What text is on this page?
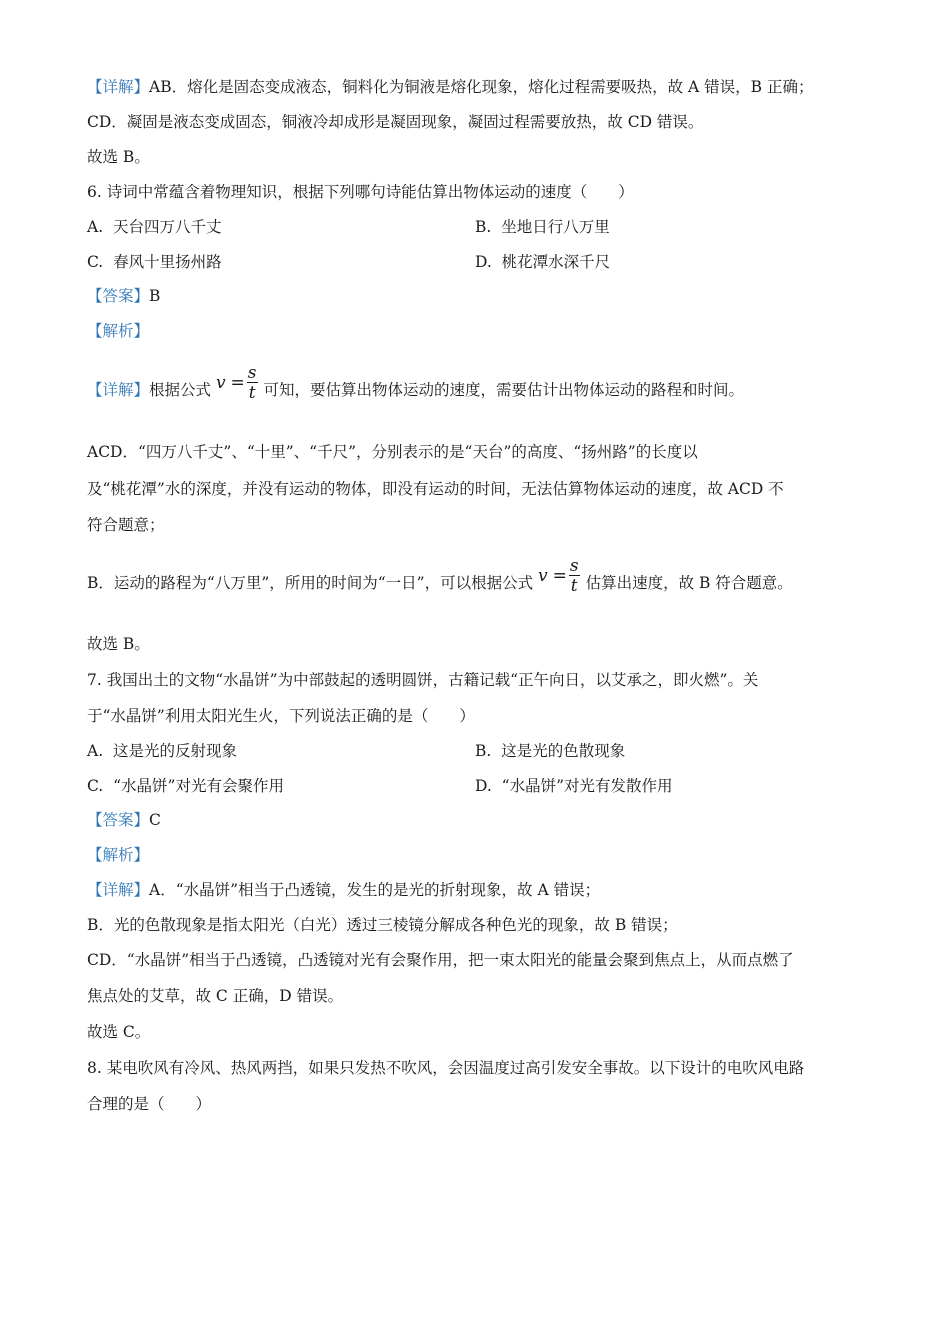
【详解】AB．熔化是固态变成液态，铜料化为铜液是熔化现象，熔化过程需要吸热，故 A 错误，B 正确；
CD．凝固是液态变成固态，铜液冷却成形是凝固现象，凝固过程需要放热，故 CD 错误。
故选 B。
6. 诗词中常蕴含着物理知识，根据下列哪句诗能估算出物体运动的速度（　　）
A. 天台四万八千丈	B. 坐地日行八万里
C. 春风十里扬州路	D. 桃花潭水深千尺
【答案】B
【解析】
【详解】根据公式 $v = \frac{s}{t}$ 可知，要估算出物体运动的速度，需要估计出物体运动的路程和时间。
ACD．“四万八千丈”、“十里”、“千尺”，分别表示的是“天台”的高度、“扬州路”的长度以
及“桃花潭”水的深度，并没有运动的物体，即没有运动的时间，无法估算物体运动的速度，故 ACD 不
符合题意；
B．运动的路程为“八万里”，所用的时间为“一日”，可以根据公式 $v = \frac{s}{t}$ 估算出速度，故 B 符合题意。
故选 B。
7. 我国出土的文物“水晶饼”为中部鼓起的透明圆饼，古籍记载“正午向日，以艾承之，即火燃”。关
于“水晶饼”利用太阳光生火，下列说法正确的是（　　）
A. 这是光的反射现象	B. 这是光的色散现象
C. “水晶饼”对光有会聚作用	D. “水晶饼”对光有发散作用
【答案】C
【解析】
【详解】A．“水晶饼”相当于凸透镜，发生的是光的折射现象，故 A 错误；
B．光的色散现象是指太阳光（白光）透过三棱镜分解成各种色光的现象，故 B 错误；
CD．“水晶饼”相当于凸透镜，凸透镜对光有会聚作用，把一束太阳光的能量会聚到焦点上，从而点燃了
焦点处的艾草，故 C 正确，D 错误。
故选 C。
8. 某电吹风有冷风、热风两挡，如果只发热不吹风，会因温度过高引发安全事故。以下设计的电吹风电路
合理的是（　　）
